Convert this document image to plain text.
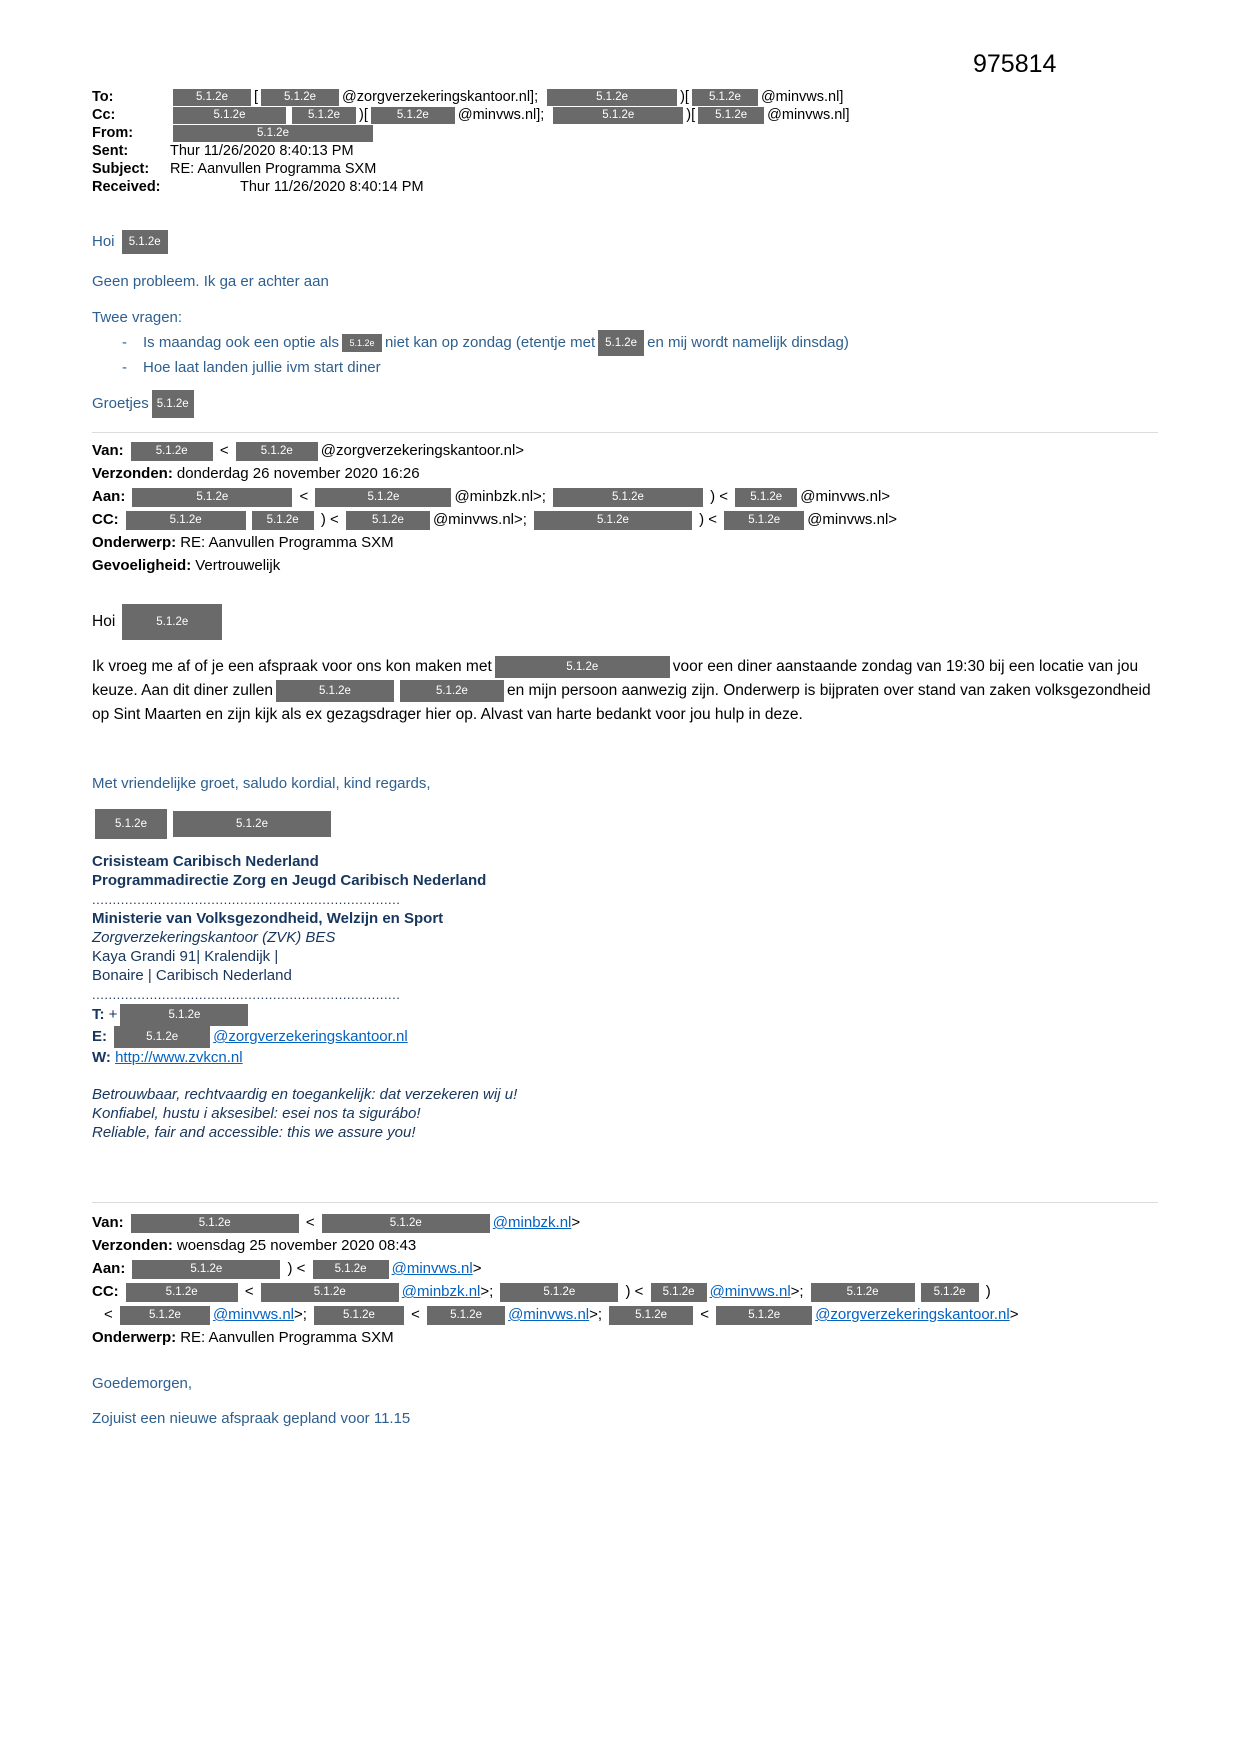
975814
To:	5.1.2e [ 5.1.2e @zorgverzekeringskantoor.nl];	5.1.2e	)[ 5.1.2e @minvws.nl]
Cc:	5.1.2e	5.1.2e )[	5.1.2e @minvws.nl];	5.1.2e	)[ 5.1.2e @minvws.nl]
From:	5.1.2e
Sent:	Thur 11/26/2020 8:40:13 PM
Subject: RE: Aanvullen Programma SXM
Received:	Thur 11/26/2020 8:40:14 PM
Hoi 5.1.2e
Geen probleem. Ik ga er achter aan
Twee vragen:
- Is maandag ook een optie als 5.1.2e niet kan op zondag (etentje met 5.1.2e en mij wordt namelijk dinsdag)
- Hoe laat landen jullie ivm start diner
Groetjes 5.1.2e
Van:	5.1.2e < 5.1.2e @zorgverzekeringskantoor.nl>
Verzonden: donderdag 26 november 2020 16:26
Aan:	5.1.2e	<	5.1.2e	@minbzk.nl>;	5.1.2e	) < 5.1.2e @minvws.nl>
CC:	5.1.2e	5.1.2e ) <	5.1.2e @minvws.nl>;	5.1.2e	) < 5.1.2e @minvws.nl>
Onderwerp: RE: Aanvullen Programma SXM
Gevoeligheid: Vertrouwelijk
Hoi	5.1.2e
Ik vroeg me af of je een afspraak voor ons kon maken met	5.1.2e	voor een diner aanstaande zondag van 19:30 bij een locatie van jou keuze. Aan dit diner zullen	5.1.2e	5.1.2e	en mijn persoon aanwezig zijn. Onderwerp is bijpraten over stand van zaken volksgezondheid op Sint Maarten en zijn kijk als ex gezagsdrager hier op. Alvast van harte bedankt voor jou hulp in deze.
Met vriendelijke groet, saludo kordial, kind regards,
5.1.2e	5.1.2e
Crisisteam Caribisch Nederland
Programmadirectie Zorg en Jeugd Caribisch Nederland
...........................................................................
Ministerie van Volksgezondheid, Welzijn en Sport
Zorgverzekeringskantoor (ZVK) BES
Kaya Grandi 91| Kralendijk |
Bonaire | Caribisch Nederland
...........................................................................
T: +	5.1.2e
E:	5.1.2e @zorgverzekeringskantoor.nl
W: http://www.zvkcn.nl
Betrouwbaar, rechtvaardig en toegankelijk: dat verzekeren wij u!
Konfiabel, hustu i aksesibel: esei nos ta sigurábo!
Reliable, fair and accessible: this we assure you!
Van:	5.1.2e	<	5.1.2e	@minbzk.nl>
Verzonden: woensdag 25 november 2020 08:43
Aan:	5.1.2e	) < 5.1.2e @minvws.nl>
CC:	5.1.2e	<	5.1.2e	@minbzk.nl>;	5.1.2e	) < 5.1.2e @minvws.nl>;	5.1.2e	5.1.2e )
<	5.1.2e @minvws.nl>;	5.1.2e < 5.1.2e @minvws.nl>;	5.1.2e <	5.1.2e @zorgverzekeringskantoor.nl>
Onderwerp: RE: Aanvullen Programma SXM
Goedemorgen,
Zojuist een nieuwe afspraak gepland voor 11.15
